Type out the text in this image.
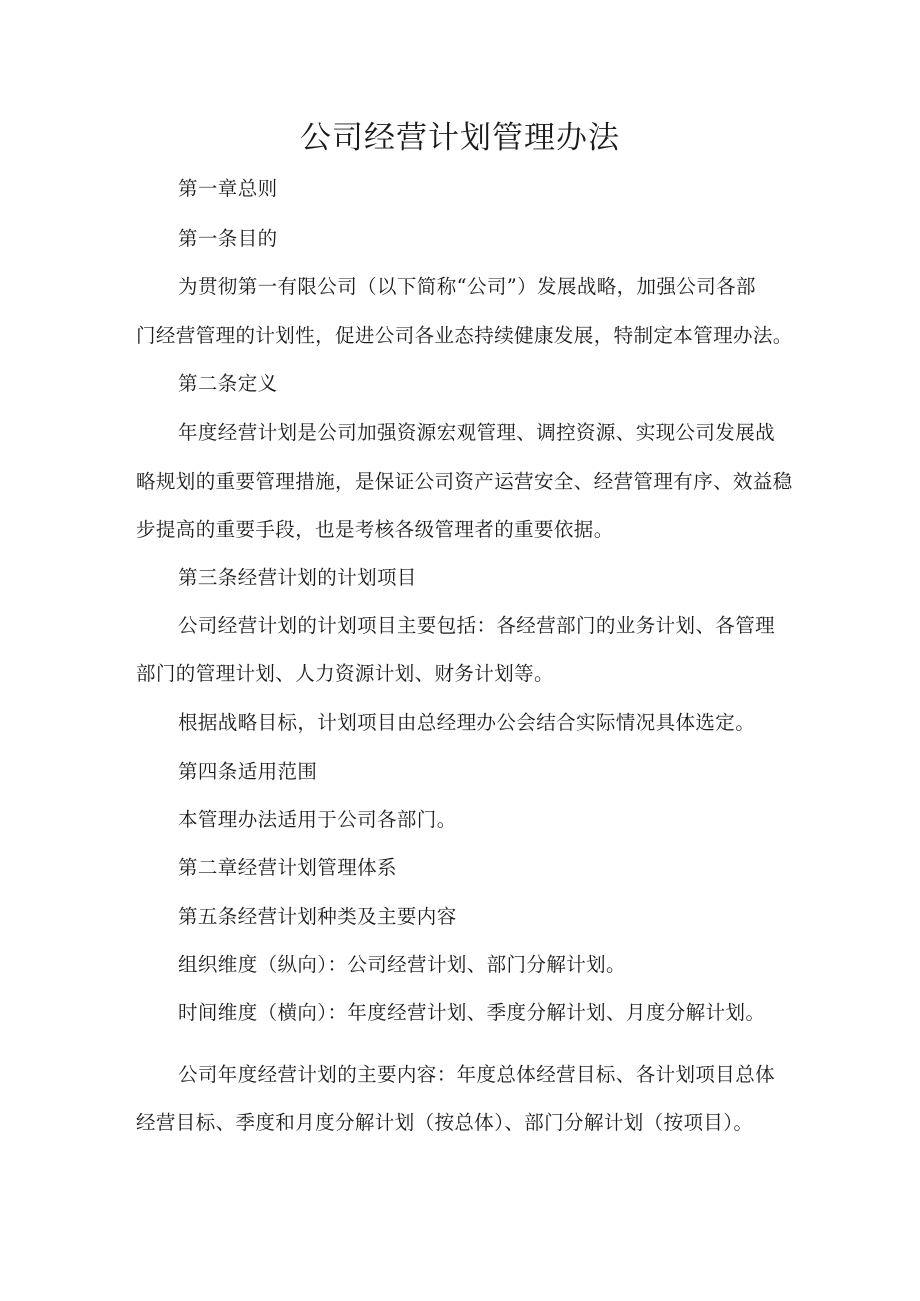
公司经营计划管理办法
第一章总则
第一条目的
为贯彻第一有限公司（以下简称“公司”）发展战略，加强公司各部
门经营管理的计划性，促进公司各业态持续健康发展，特制定本管理办法。
第二条定义
年度经营计划是公司加强资源宏观管理、调控资源、实现公司发展战
略规划的重要管理措施，是保证公司资产运营安全、经营管理有序、效益稳
步提高的重要手段，也是考核各级管理者的重要依据。
第三条经营计划的计划项目
公司经营计划的计划项目主要包括：各经营部门的业务计划、各管理
部门的管理计划、人力资源计划、财务计划等。
根据战略目标，计划项目由总经理办公会结合实际情况具体选定。
第四条适用范围
本管理办法适用于公司各部门。
第二章经营计划管理体系
第五条经营计划种类及主要内容
组织维度（纵向）：公司经营计划、部门分解计划。
时间维度（横向）：年度经营计划、季度分解计划、月度分解计划。
公司年度经营计划的主要内容：年度总体经营目标、各计划项目总体
经营目标、季度和月度分解计划（按总体）、部门分解计划（按项目）。
